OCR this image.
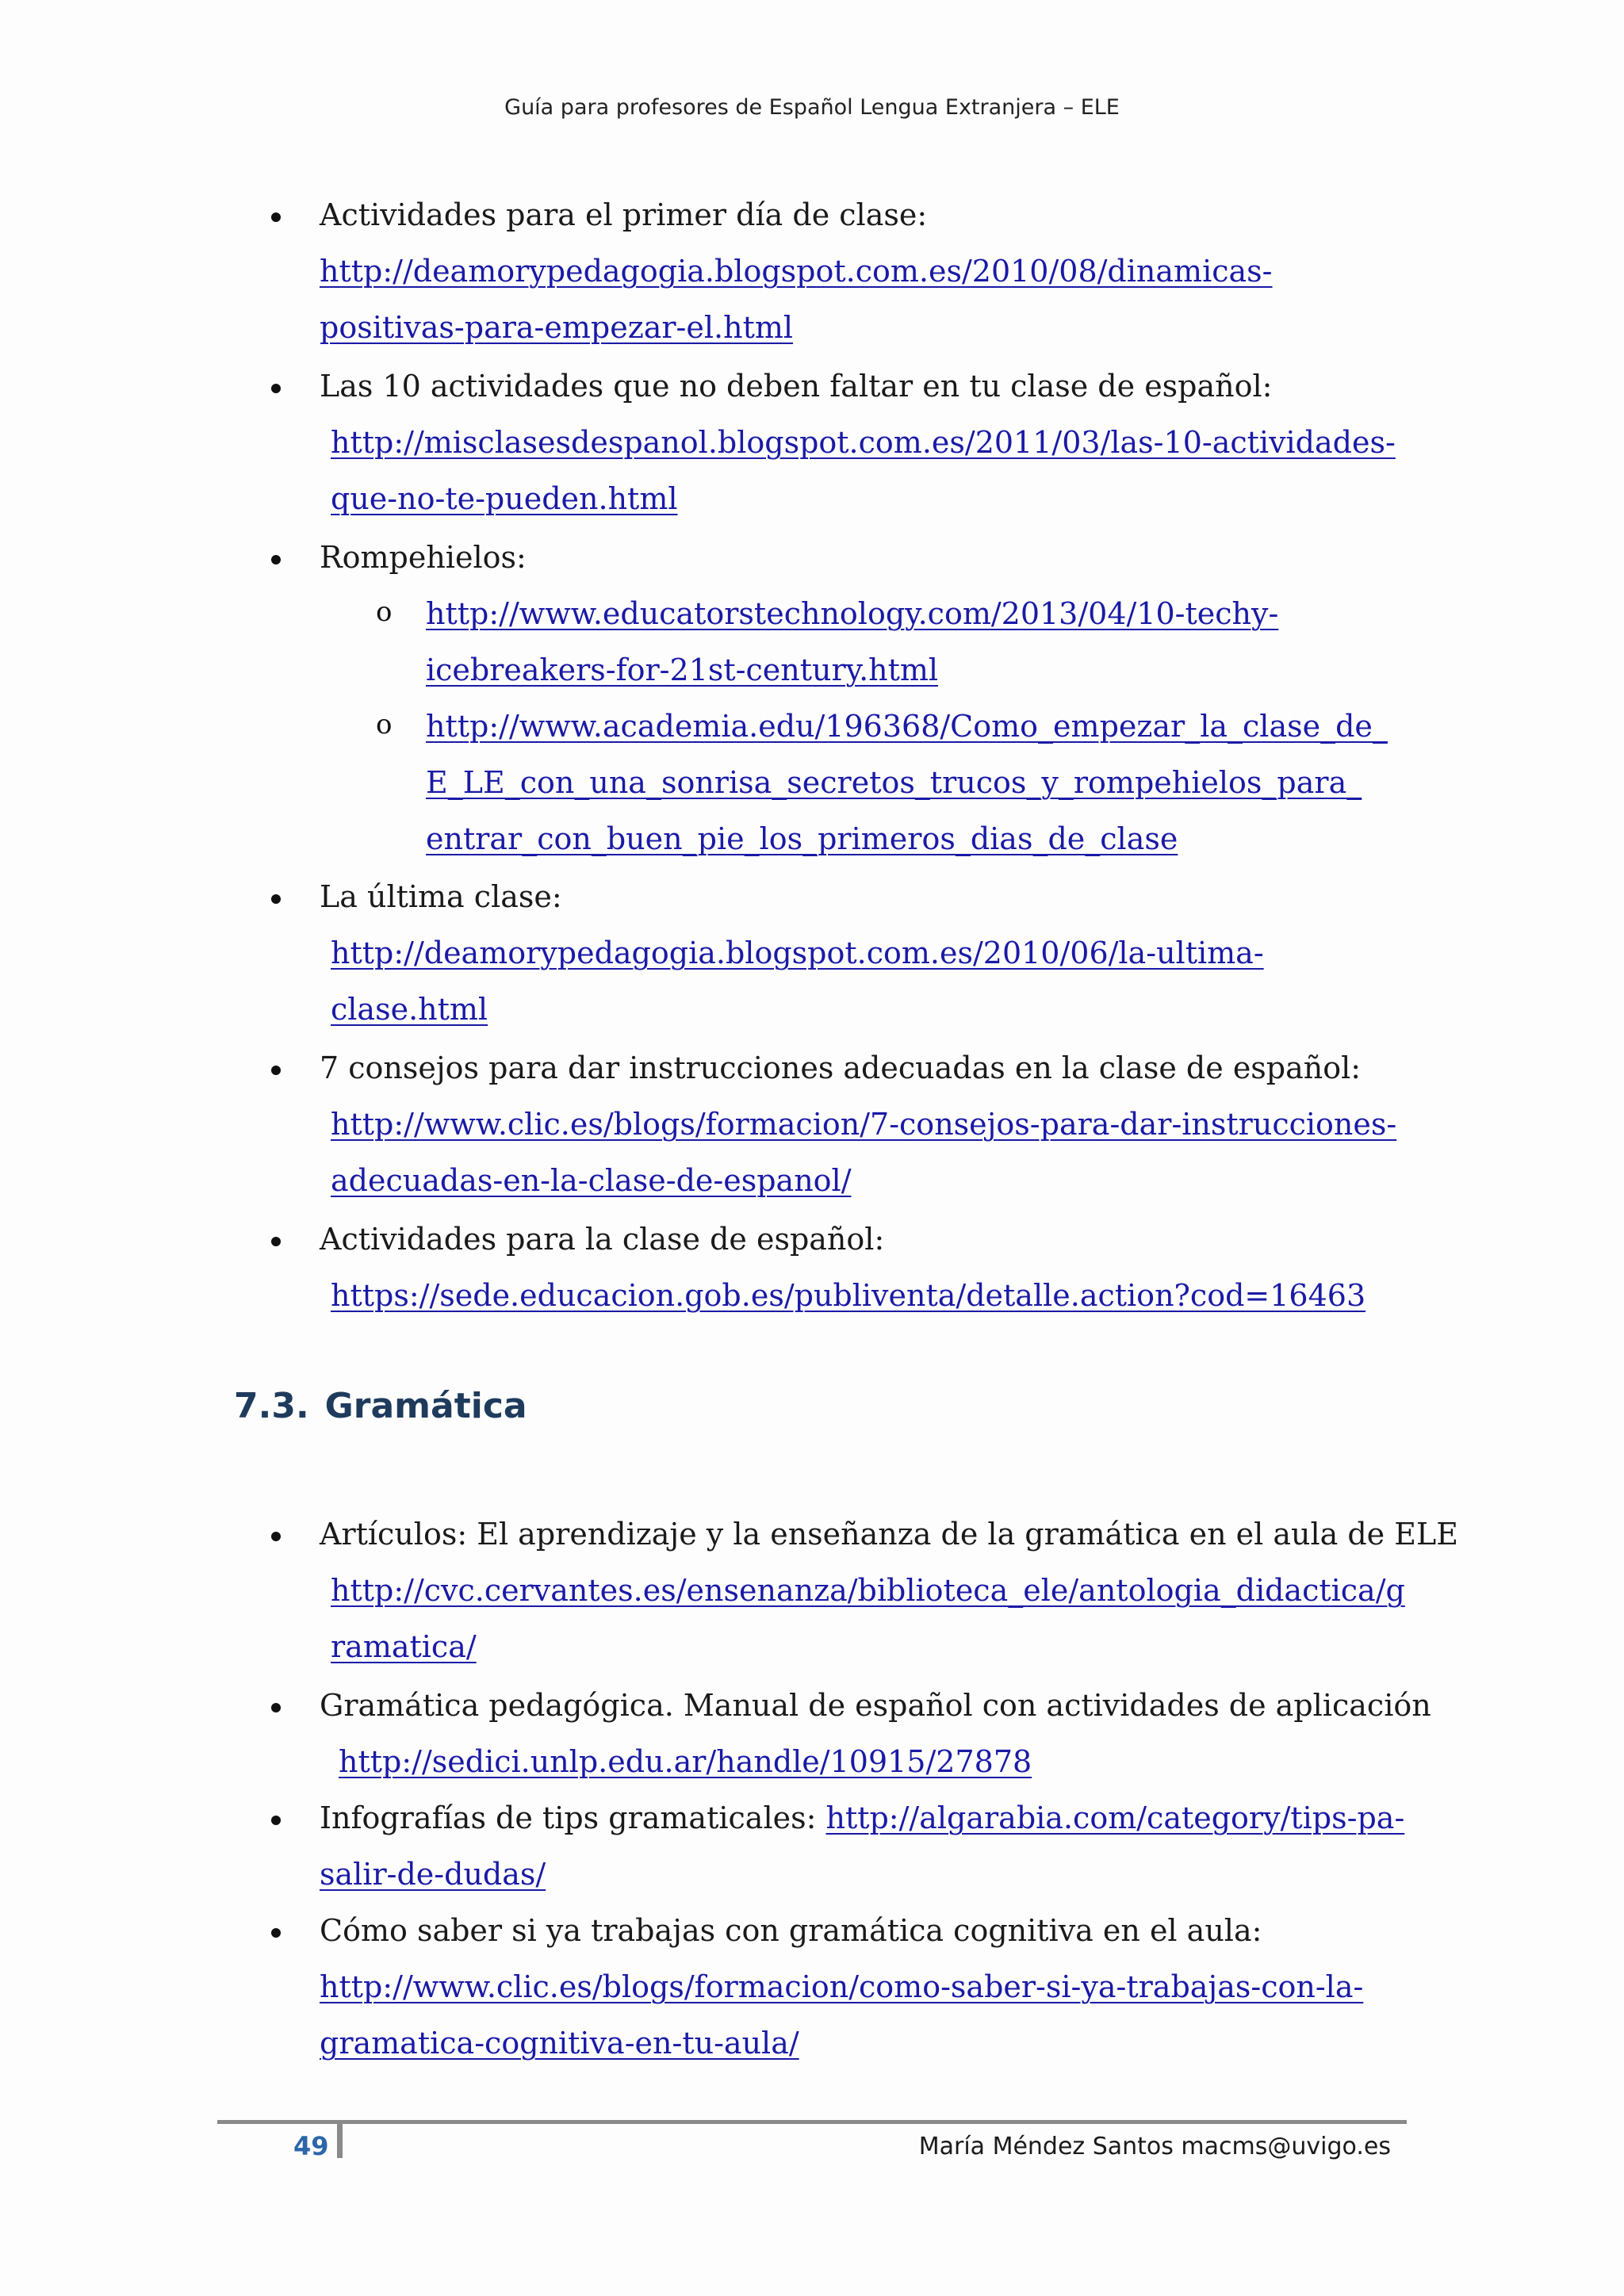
Guía para profesores de Español Lengua Extranjera – ELE
Actividades para el primer día de clase:
http://deamorypedagogia.blogspot.com.es/2010/08/dinamicas-
positivas-para-empezar-el.html
Las 10 actividades que no deben faltar en tu clase de español:
http://misclasesdespanol.blogspot.com.es/2011/03/las-10-actividades-
que-no-te-pueden.html
Rompehielos:
o http://www.educatorstechnology.com/2013/04/10-techy-
icebreakers-for-21st-century.html
o http://www.academia.edu/196368/Como_empezar_la_clase_de_
E_LE_con_una_sonrisa_secretos_trucos_y_rompehielos_para_
entrar_con_buen_pie_los_primeros_dias_de_clase
La última clase:
http://deamorypedagogia.blogspot.com.es/2010/06/la-ultima-
clase.html
7 consejos para dar instrucciones adecuadas en la clase de español:
http://www.clic.es/blogs/formacion/7-consejos-para-dar-instrucciones-
adecuadas-en-la-clase-de-espanol/
Actividades para la clase de español:
https://sede.educacion.gob.es/publiventa/detalle.action?cod=16463
Artículos: El aprendizaje y la enseñanza de la gramática en el aula de ELE
http://cvc.cervantes.es/ensenanza/biblioteca_ele/antologia_didactica/g
ramatica/
Gramática pedagógica. Manual de español con actividades de aplicación
http://sedici.unlp.edu.ar/handle/10915/27878
Infografías de tips gramaticales: http://algarabia.com/category/tips-pa-
salir-de-dudas/
Cómo saber si ya trabajas con gramática cognitiva en el aula:
http://www.clic.es/blogs/formacion/como-saber-si-ya-trabajas-con-la-
gramatica-cognitiva-en-tu-aula/
7.3. Gramática
49	María Méndez Santos macms@uvigo.es
